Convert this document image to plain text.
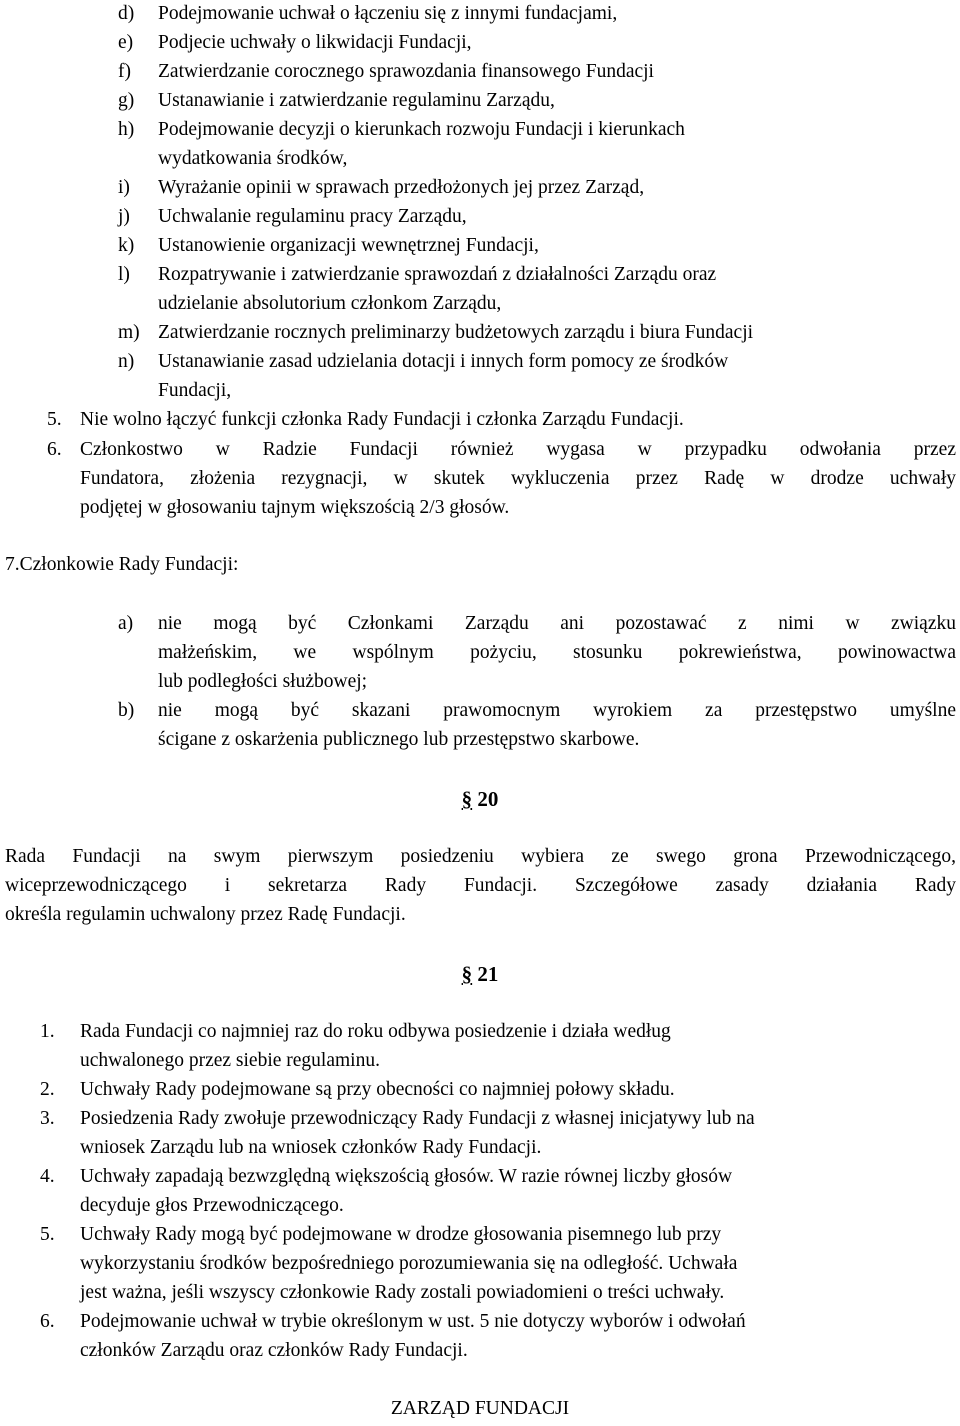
d) Podejmowanie uchwał o łączeniu się z innymi fundacjami,
e) Podjecie uchwały o likwidacji Fundacji,
f) Zatwierdzanie corocznego sprawozdania finansowego Fundacji
g) Ustanawianie i zatwierdzanie regulaminu Zarządu,
h) Podejmowanie decyzji o kierunkach rozwoju Fundacji i kierunkach
wydatkowania środków,
i) Wyrażanie opinii w sprawach przedłożonych jej przez Zarząd,
j) Uchwalanie regulaminu pracy Zarządu,
k) Ustanowienie organizacji wewnętrznej Fundacji,
l) Rozpatrywanie i zatwierdzanie sprawozdań z działalności Zarządu oraz
udzielanie absolutorium członkom Zarządu,
m) Zatwierdzanie rocznych preliminarzy budżetowych zarządu i biura Fundacji
n) Ustanawianie zasad udzielania dotacji i innych form pomocy ze środków
Fundacji,
5. Nie wolno łączyć funkcji członka Rady Fundacji i członka Zarządu Fundacji.
6. Członkostwo w Radzie Fundacji również wygasa w przypadku odwołania przez
Fundatora, złożenia rezygnacji, w skutek wykluczenia przez Radę w drodze uchwały
podjętej w głosowaniu tajnym większością 2/3 głosów.
7.Członkowie Rady Fundacji:
a) nie mogą być Członkami Zarządu ani pozostawać z nimi w związku
małżeńskim, we wspólnym pożyciu, stosunku pokrewieństwa, powinowactwa
lub podległości służbowej;
b) nie mogą być skazani prawomocnym wyrokiem za przestępstwo umyślne
ścigane z oskarżenia publicznego lub przestępstwo skarbowe.
§ 20
Rada Fundacji na swym pierwszym posiedzeniu wybiera ze swego grona Przewodniczącego,
wiceprzewodniczącego i sekretarza Rady Fundacji. Szczegółowe zasady działania Rady
określa regulamin uchwalony przez Radę Fundacji.
§ 21
1. Rada Fundacji co najmniej raz do roku odbywa posiedzenie i działa według
uchwalonego przez siebie regulaminu.
2. Uchwały Rady podejmowane są przy obecności co najmniej połowy składu.
3. Posiedzenia Rady zwołuje przewodniczący Rady Fundacji z własnej inicjatywy lub na
wniosek Zarządu lub na wniosek członków Rady Fundacji.
4. Uchwały zapadają bezwzględną większością głosów. W razie równej liczby głosów
decyduje głos Przewodniczącego.
5. Uchwały Rady mogą być podejmowane w drodze głosowania pisemnego lub przy
wykorzystaniu środków bezpośredniego porozumiewania się na odległość. Uchwała
jest ważna, jeśli wszyscy członkowie Rady zostali powiadomieni o treści uchwały.
6. Podejmowanie uchwał w trybie określonym w ust. 5 nie dotyczy wyborów i odwołań
członków Zarządu oraz członków Rady Fundacji.
ZARZĄD FUNDACJI
